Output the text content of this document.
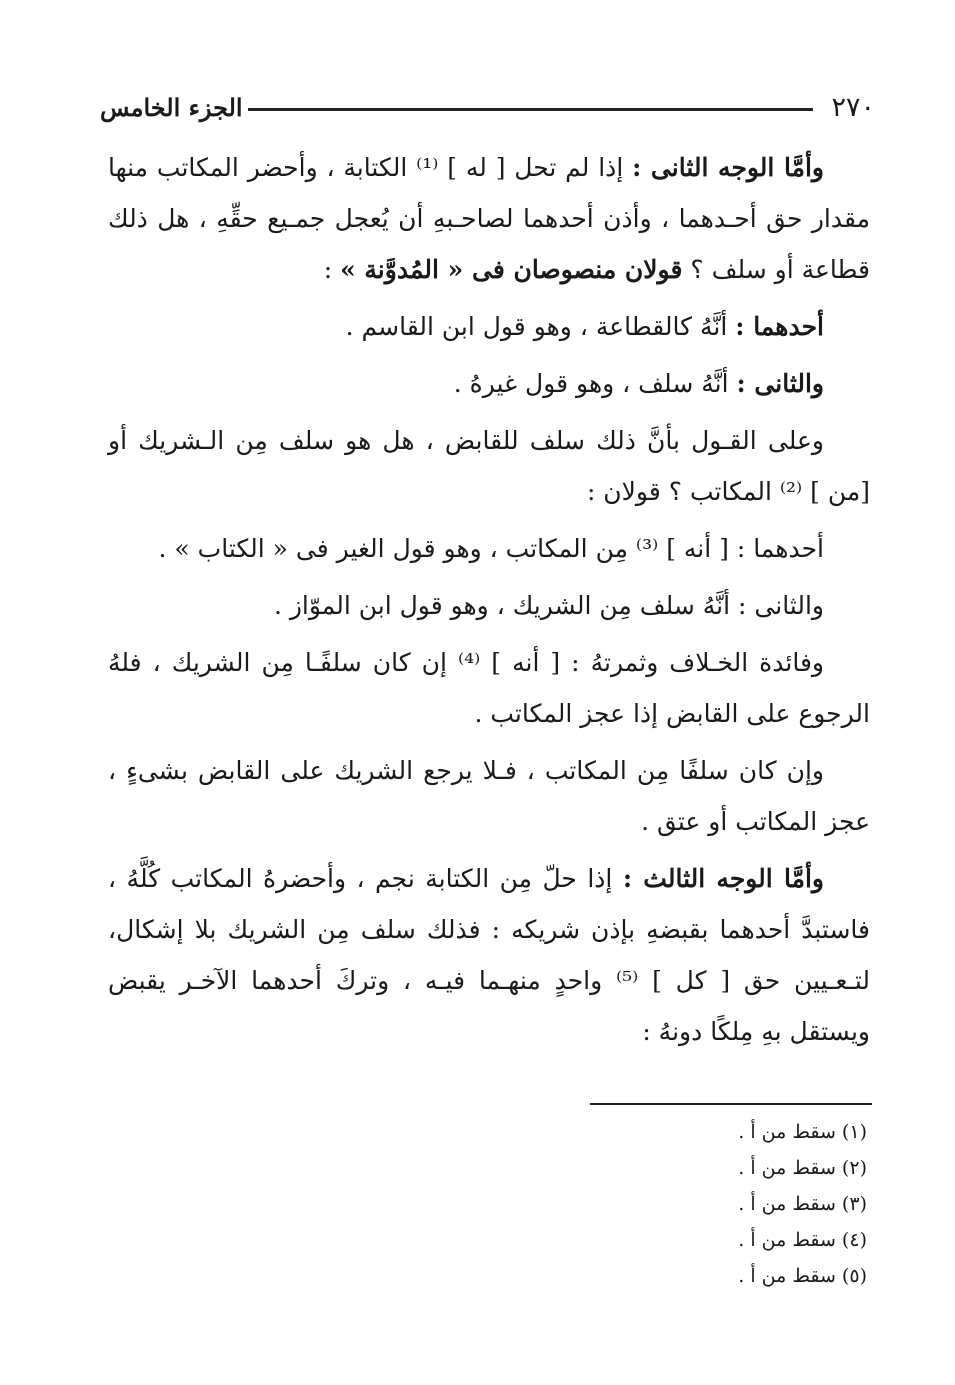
٢٧٠
الجزء الخامس

وأمَّا الوجه الثانى : إذا لم تحل [ له ] ⁽¹⁾ الكتابة ، وأحضر المكاتب منها مقدار حق أحـدهما ، وأذن أحدهما لصاحـبهِ أن يُعجل جمـيع حقِّهِ ، هل ذلك قطاعة أو سلف ؟ قولان منصوصان فى « المُدوَّنة » :

أحدهما : أنَّهُ كالقطاعة ، وهو قول ابن القاسم .

والثانى : أنَّهُ سلف ، وهو قول غيرهُ .

وعلى القـول بأنَّ ذلك سلف للقابض ، هل هو سلف مِن الـشريك أو [من ] ⁽²⁾ المكاتب ؟ قولان :

أحدهما : [ أنه ] ⁽³⁾ مِن المكاتب ، وهو قول الغير فى « الكتاب » .

والثانى : أنَّهُ سلف مِن الشريك ، وهو قول ابن الموّاز .

وفائدة الخـلاف وثمرتهُ : [ أنه ] ⁽⁴⁾ إن كان سلفًـا مِن الشريك ، فلهُ الرجوع على القابض إذا عجز المكاتب .

وإن كان سلفًا مِن المكاتب ، فـلا يرجع الشريك على القابض بشىءٍ ، عجز المكاتب أو عتق .

وأمَّا الوجه الثالث : إذا حلّ مِن الكتابة نجم ، وأحضرهُ المكاتب كُلَّهُ ، فاستبدَّ أحدهما بقبضهِ بإذن شريكه : فذلك سلف مِن الشريك بلا إشكال، لتـعـيين حق [ كل ] ⁽⁵⁾ واحدٍ منهـما فيـه ، وتركَ أحدهما الآخـر يقبض ويستقل بهِ مِلكًا دونهُ :

(١) سقط من أ .
(٢) سقط من أ .
(٣) سقط من أ .
(٤) سقط من أ .
(٥) سقط من أ .
